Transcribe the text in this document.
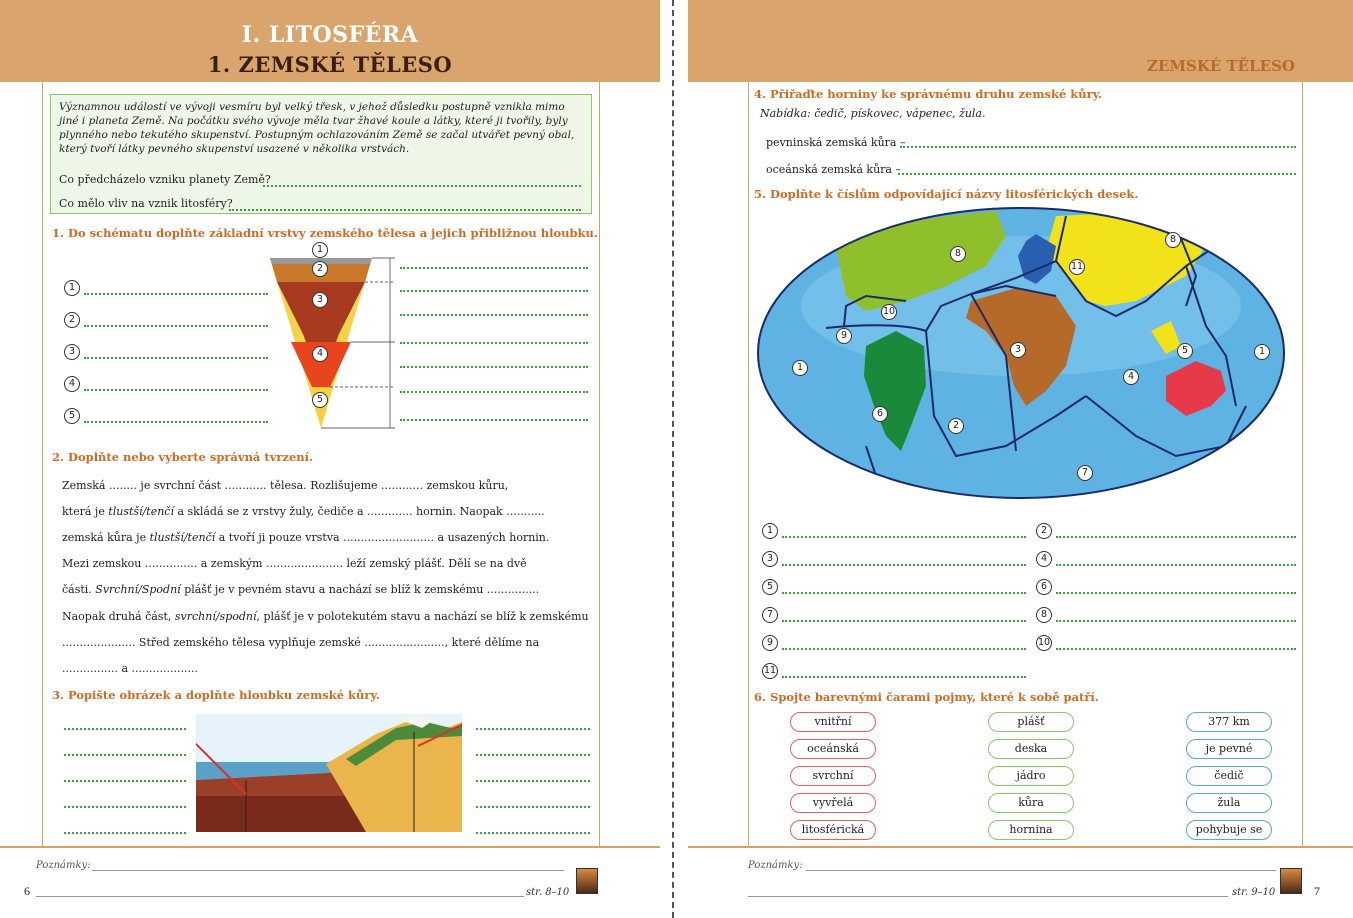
I. LITOSFÉRA
1. ZEMSKÉ TĚLESO
Významnou událostí ve vývoji vesmíru byl velký třesk, v jehož důsledku postupně vznikla mimo jiné i planeta Země. Na počátku svého vývoje měla tvar žhavé koule a látky, které ji tvořily, byly plynného nebo tekutého skupenství. Postupným ochlazováním Země se začal utvářet pevný obal, který tvoří látky pevného skupenství usazené v několika vrstvách.
Co předcházelo vzniku planety Země?
Co mělo vliv na vznik litosféry?
1. Do schématu doplňte základní vrstvy zemského tělesa a jejich přibližnou hloubku.
1
2
3
4
5
1
2
3
4
5
2. Doplňte nebo vyberte správná tvrzení.
Zemská ........ je svrchní část ............ tělesa. Rozlišujeme ............ zemskou kůru,
která je tlustší/tenčí a skládá se z vrstvy žuly, čediče a ............. hornin. Naopak ...........
zemská kůra je tlustší/tenčí a tvoří ji pouze vrstva .......................... a usazených hornin.
Mezi zemskou ............... a zemským ...................... leží zemský plášť. Dělí se na dvě
části. Svrchní/Spodní plášť je v pevném stavu a nachází se blíž k zemskému ...............
Naopak druhá část, svrchní/spodní, plášť je v polotekutém stavu a nachází se blíž k zemskému
..................... Střed zemského tělesa vyplňuje zemské ......................., které dělíme na
................ a ...................
3. Popište obrázek a doplňte hloubku zemské kůry.
Poznámky:
6	str. 8–10
ZEMSKÉ TĚLESO
4. Přiřaďte horniny ke správnému druhu zemské kůry.
Nabídka: čedič, pískovec, vápenec, žula.
pevninská zemská kůra –
oceánská zemská kůra –
5. Doplňte k číslům odpovídající názvy litosférických desek.
1
1
2
3
4
5
6
7
8
8
9
10
11
1	2
3	4
5	6
7	8
9	10
11
6. Spojte barevnými čarami pojmy, které k sobě patří.
vnitřní
oceánská
svrchní
vyvřelá
litosférická
plášť
deska
jádro
kůra
hornina
377 km
je pevné
čedič
žula
pohybuje se
Poznámky:
str. 9–10	7
